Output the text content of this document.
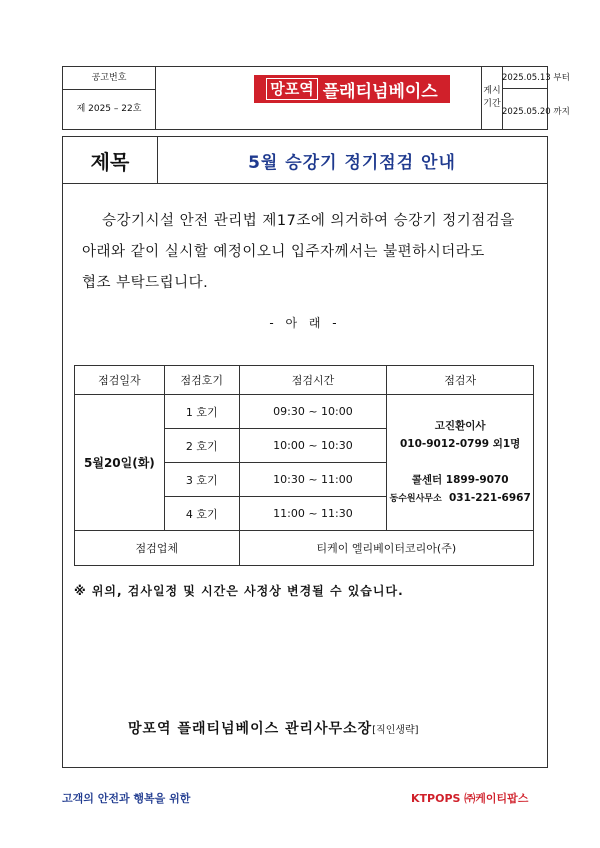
공고번호
제 2025 – 22호
망포역 플래티넘베이스	게시
기간
2025.05.13 부터
2025.05.20 까지
제목	5월 승강기 정기점검 안내
승강기시설 안전 관리법 제17조에 의거하여 승강기 정기점검을
아래와 같이 실시할 예정이오니 입주자께서는 불편하시더라도
협조 부탁드립니다.
- 아 래 -
점검일자	점검호기	점검시간	점검자
5월20일(화)	1 호기	09:30 ~ 10:00	고진환이사
010-9012-0799 외1명
콜센터 1899-9070
동수원사무소 031-221-6967

	2 호기	10:00 ~ 10:30	
	3 호기	10:30 ~ 11:00	
	4 호기	11:00 ~ 11:30	
점검업체		티케이 엘리베이터코리아(주)	
※ 위의, 검사일정 및 시간은 사정상 변경될 수 있습니다.
망포역 플래티넘베이스 관리사무소장[직인생략]
고객의 안전과 행복을 위한	KTPOPS ㈜케이티팝스
